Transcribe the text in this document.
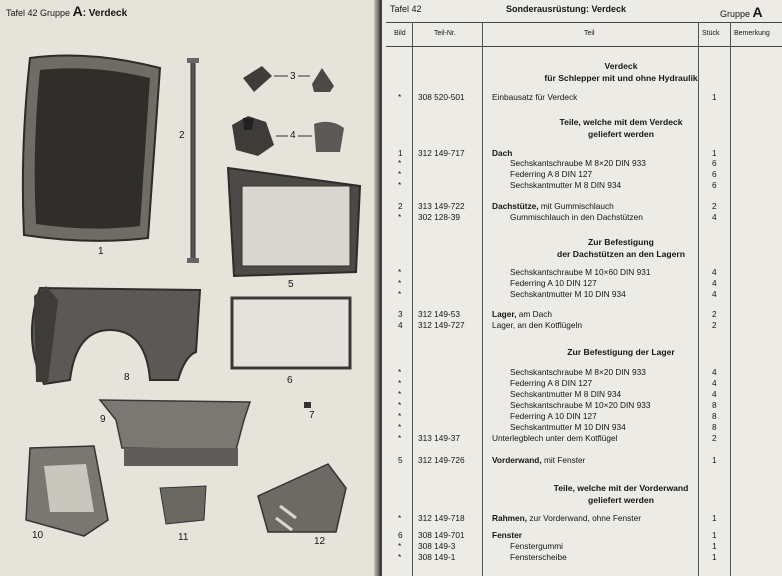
Tafel 42 Gruppe A: Verdeck
1
2
3
4
5
6
7
8
9
10	11	12
Tafel 42	Sonderausrüstung: Verdeck	Gruppe A
Bild	Teil-Nr.	Teil	Stück Bemerkung
Verdeck
für Schlepper mit und ohne Hydraulik
Teile, welche mit dem Verdeck
geliefert werden
Zur Befestigung
der Dachstützen an den Lagern
Zur Befestigung der Lager
Teile, welche mit der Vorderwand
geliefert werden
* 308 520-501	Einbausatz für Verdeck	1
1 312 149-717	Dach	1
*	Sechskantschraube M 8×20 DIN 933	6
*	Federring A 8 DIN 127	6
*	Sechskantmutter M 8 DIN 934	6
2 313 149-722	Dachstütze, mit Gummischlauch	2
* 302 128-39	Gummischlauch in den Dachstützen	4
*	Sechskantschraube M 10×60 DIN 931	4
*	Federring A 10 DIN 127	4
*	Sechskantmutter M 10 DIN 934	4
3 312 149-53	Lager, am Dach	2
4 312 149-727	Lager, an den Kotflügeln	2
*	Sechskantschraube M 8×20 DIN 933	4
*	Federring A 8 DIN 127	4
*	Sechskantmutter M 8 DIN 934	4
*	Sechskantschraube M 10×20 DIN 933	8
*	Federring A 10 DIN 127	8
*	Sechskantmutter M 10 DIN 934	8
* 313 149-37	Unterlegblech unter dem Kotflügel	2
5 312 149-726	Vorderwand, mit Fenster	1
* 312 149-718	Rahmen, zur Vorderwand, ohne Fenster	1
6 308 149-701	Fenster	1
* 308 149-3	Fenstergummi	1
* 308 149-1	Fensterscheibe	1
